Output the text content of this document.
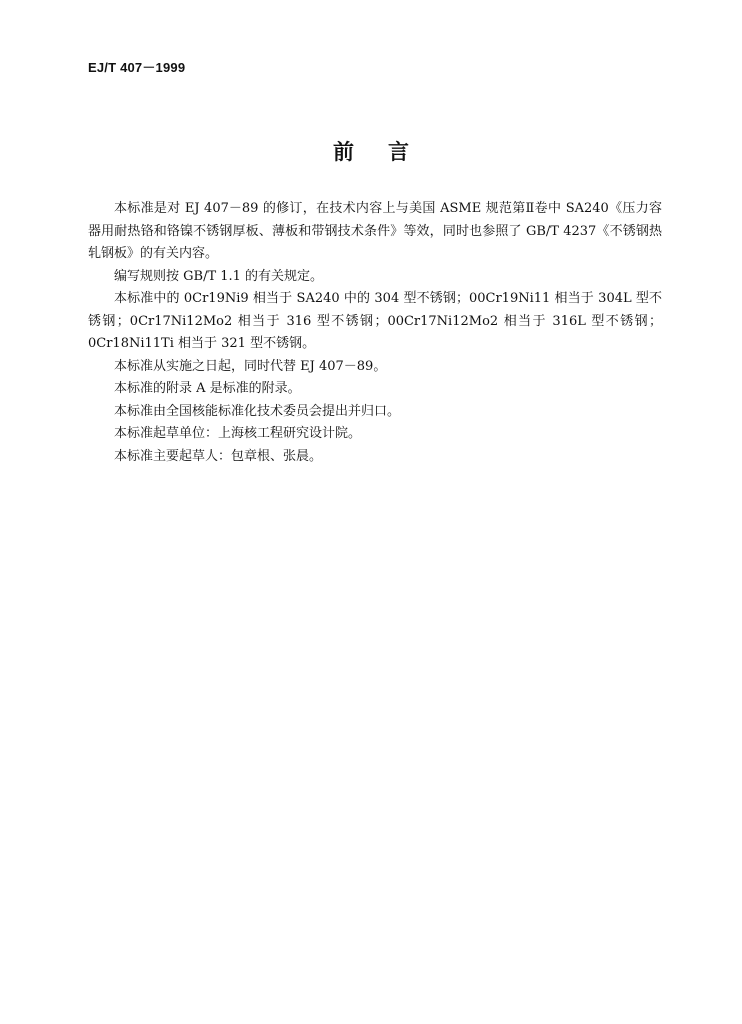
EJ/T 407－1999
前言

本标准是对 EJ 407－89 的修订，在技术内容上与美国 ASME 规范第Ⅱ卷中 SA240《压力容器用耐热铬和铬镍不锈钢厚板、薄板和带钢技术条件》等效，同时也参照了 GB/T 4237《不锈钢热轧钢板》的有关内容。

编写规则按 GB/T 1.1 的有关规定。

本标准中的 0Cr19Ni9 相当于 SA240 中的 304 型不锈钢；00Cr19Ni11 相当于 304L 型不锈钢；0Cr17Ni12Mo2 相当于 316 型不锈钢；00Cr17Ni12Mo2 相当于 316L 型不锈钢；0Cr18Ni11Ti 相当于 321 型不锈钢。

本标准从实施之日起，同时代替 EJ 407－89。

本标准的附录 A 是标准的附录。

本标准由全国核能标准化技术委员会提出并归口。

本标准起草单位：上海核工程研究设计院。

本标准主要起草人：包章根、张晨。
